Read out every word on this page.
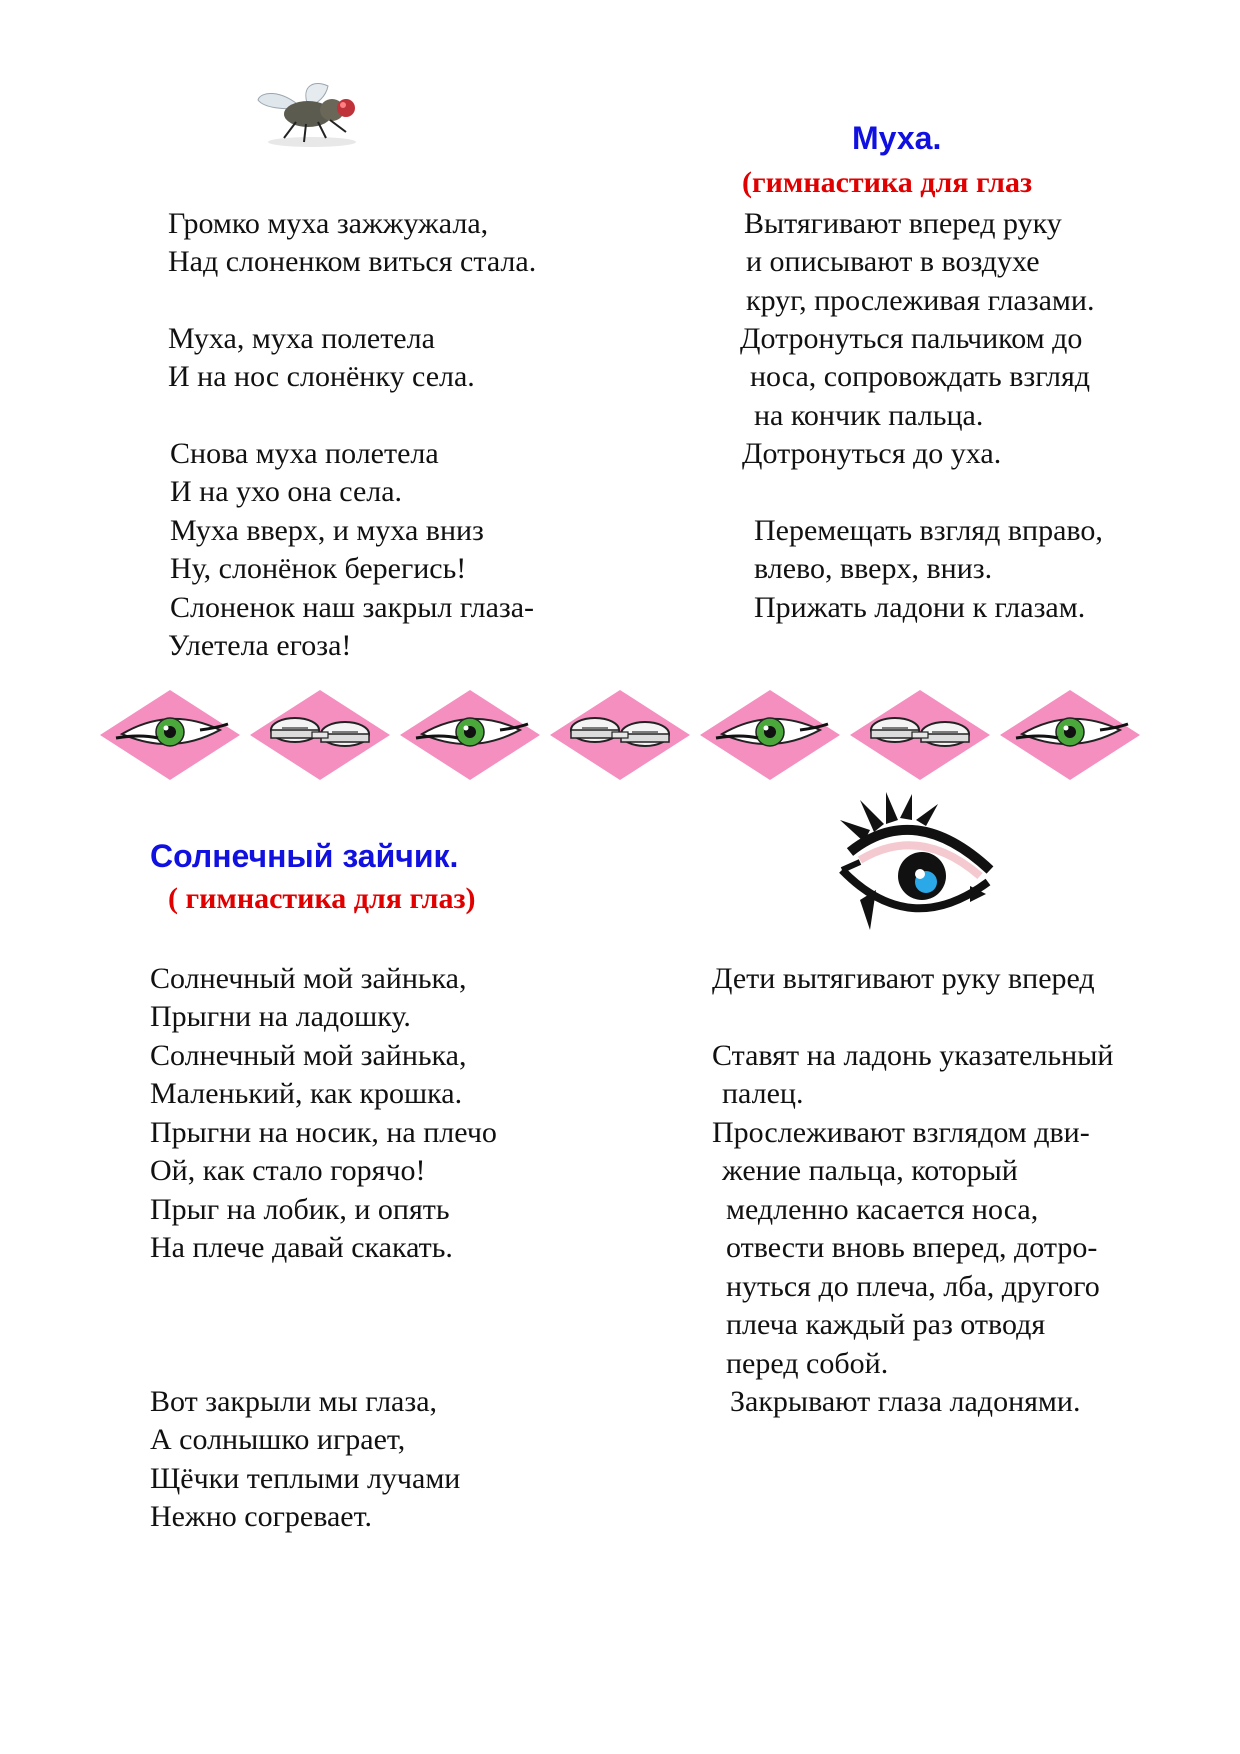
Муха.
(гимнастика для глаз
Громко муха зажжужала,
Над слоненком виться стала.
Муха, муха полетела
И на нос слонёнку села.
Снова муха полетела
И на ухо она села.
Муха вверх, и муха вниз
Ну, слонёнок берегись!
Слоненок наш закрыл глаза-
Улетела егоза!
Вытягивают вперед руку
и описывают в воздухе
круг, прослеживая глазами.
Дотронуться пальчиком до
носа, сопровождать взгляд
на кончик пальца.
Дотронуться до уха.
Перемещать взгляд вправо,
влево, вверх, вниз.
Прижать ладони к глазам.
Солнечный зайчик.
( гимнастика для глаз)
Солнечный мой зайнька,
Прыгни на ладошку.
Солнечный мой зайнька,
Маленький, как крошка.
Прыгни на носик, на плечо
Ой, как стало горячо!
Прыг на лобик, и опять
На плече давай скакать.
Вот закрыли мы глаза,
А солнышко играет,
Щёчки теплыми лучами
Нежно согревает.
Дети вытягивают руку вперед
Ставят на ладонь указательный
палец.
Прослеживают взглядом дви-
жение пальца, который
медленно касается носа,
отвести вновь вперед, дотро-
нуться до плеча, лба, другого
плеча каждый раз отводя
перед собой.
Закрывают глаза ладонями.
